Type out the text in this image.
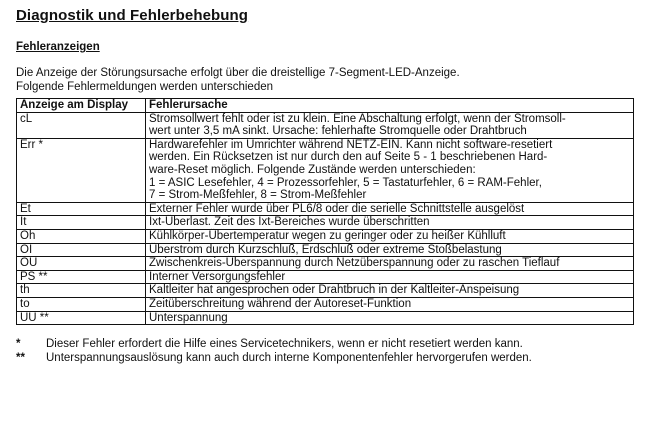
Diagnostik und Fehlerbehebung
Fehleranzeigen
Die Anzeige der Störungsursache erfolgt über die dreistellige 7-Segment-LED-Anzeige.
Folgende Fehlermeldungen werden unterschieden
Anzeige am Display	Fehlerursache
cL	Stromsollwert fehlt oder ist zu klein. Eine Abschaltung erfolgt, wenn der Stromsoll-
wert unter 3,5 mA sinkt. Ursache: fehlerhafte Stromquelle oder Drahtbruch

Err *	Hardwarefehler im Umrichter während NETZ-EIN. Kann nicht software-resetiert
werden. Ein Rücksetzen ist nur durch den auf Seite 5 - 1 beschriebenen Hard-
ware-Reset möglich. Folgende Zustände werden unterschieden:
1 = ASIC Lesefehler, 4 = Prozessorfehler, 5 = Tastaturfehler, 6 = RAM-Fehler,
7 = Strom-Meßfehler, 8 = Strom-Meßfehler

Et	Externer Fehler wurde über PL6/8 oder die serielle Schnittstelle ausgelöst

It	Ixt-Überlast. Zeit des Ixt-Bereiches wurde überschritten

Oh	Kühlkörper-Übertemperatur wegen zu geringer oder zu heißer Kühlluft

OI	Überstrom durch Kurzschluß, Erdschluß oder extreme Stoßbelastung

OU	Zwischenkreis-Überspannung durch Netzüberspannung oder zu raschen Tieflauf

PS **	Interner Versorgungsfehler

th	Kaltleiter hat angesprochen oder Drahtbruch in der Kaltleiter-Anspeisung

to	Zeitüberschreitung während der Autoreset-Funktion

UU **	Unterspannung
*	Dieser Fehler erfordert die Hilfe eines Servicetechnikers, wenn er nicht resetiert werden kann.
**	Unterspannungsauslösung kann auch durch interne Komponentenfehler hervorgerufen werden.
